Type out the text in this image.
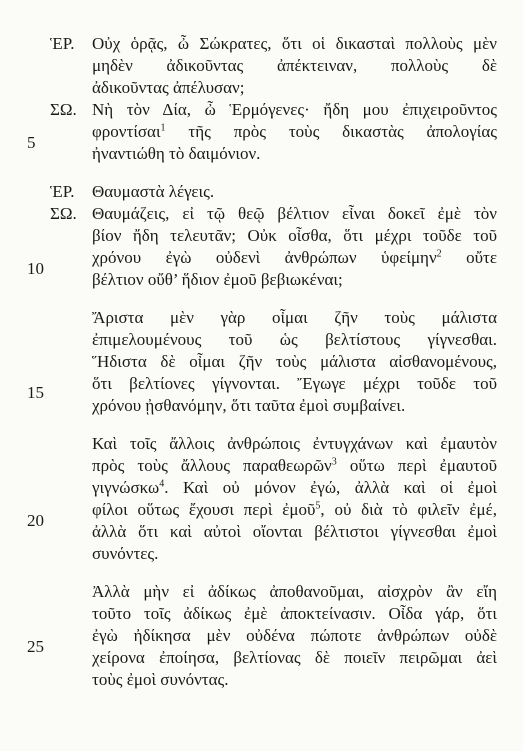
ἙΡ.
ΣΩ.
ἙΡ.
ΣΩ.
5
10
15
20
25
Οὐχ ὁρᾷς, ὦ Σώκρατες, ὅτι οἱ δικασταὶ πολλοὺς μὲν
μηδὲν ἀδικοῦντας ἀπέκτειναν, πολλοὺς δὲ
ἀδικοῦντας ἀπέλυσαν;
Νὴ τὸν Δία, ὦ Ἑρμόγενες· ἤδη μου ἐπιχειροῦντος
φροντίσαι$^1$ τῆς πρὸς τοὺς δικαστὰς ἀπολογίας
ἠναντιώθη τὸ δαιμόνιον.
Θαυμαστὰ λέγεις.
Θαυμάζεις, εἰ τῷ θεῷ βέλτιον εἶναι δοκεῖ ἐμὲ τὸν
βίον ἤδη τελευτᾶν; Οὐκ οἶσθα, ὅτι μέχρι τοῦδε τοῦ
χρόνου ἐγὼ οὐδενὶ ἀνθρώπων ὑφείμην$^2$ οὔτε
βέλτιον οὔθ’ ἥδιον ἐμοῦ βεβιωκέναι;
Ἄριστα μὲν γὰρ οἶμαι ζῆν τοὺς μάλιστα
ἐπιμελουμένους τοῦ ὡς βελτίστους γίγνεσθαι.
Ἥδιστα δὲ οἶμαι ζῆν τοὺς μάλιστα αἰσθανομένους,
ὅτι βελτίονες γίγνονται. Ἔγωγε μέχρι τοῦδε τοῦ
χρόνου ᾐσθανόμην, ὅτι ταῦτα ἐμοὶ συμβαίνει.
Καὶ τοῖς ἄλλοις ἀνθρώποις ἐντυγχάνων καὶ ἐμαυτὸν
πρὸς τοὺς ἄλλους παραθεωρῶν$^3$ οὕτω περὶ ἐμαυτοῦ
γιγνώσκω$^4$. Καὶ οὐ μόνον ἐγώ, ἀλλὰ καὶ οἱ ἐμοὶ
φίλοι οὕτως ἔχουσι περὶ ἐμοῦ$^5$, οὐ διὰ τὸ φιλεῖν ἐμέ,
ἀλλὰ ὅτι καὶ αὐτοὶ οἴονται βέλτιστοι γίγνεσθαι ἐμοὶ
συνόντες.
Ἀλλὰ μὴν εἰ ἀδίκως ἀποθανοῦμαι, αἰσχρὸν ἂν εἴη
τοῦτο τοῖς ἀδίκως ἐμὲ ἀποκτείνασιν. Οἶδα γάρ, ὅτι
ἐγὼ ἠδίκησα μὲν οὐδένα πώποτε ἀνθρώπων οὐδὲ
χείρονα ἐποίησα, βελτίονας δὲ ποιεῖν πειρῶμαι ἀεὶ
τοὺς ἐμοὶ συνόντας.
